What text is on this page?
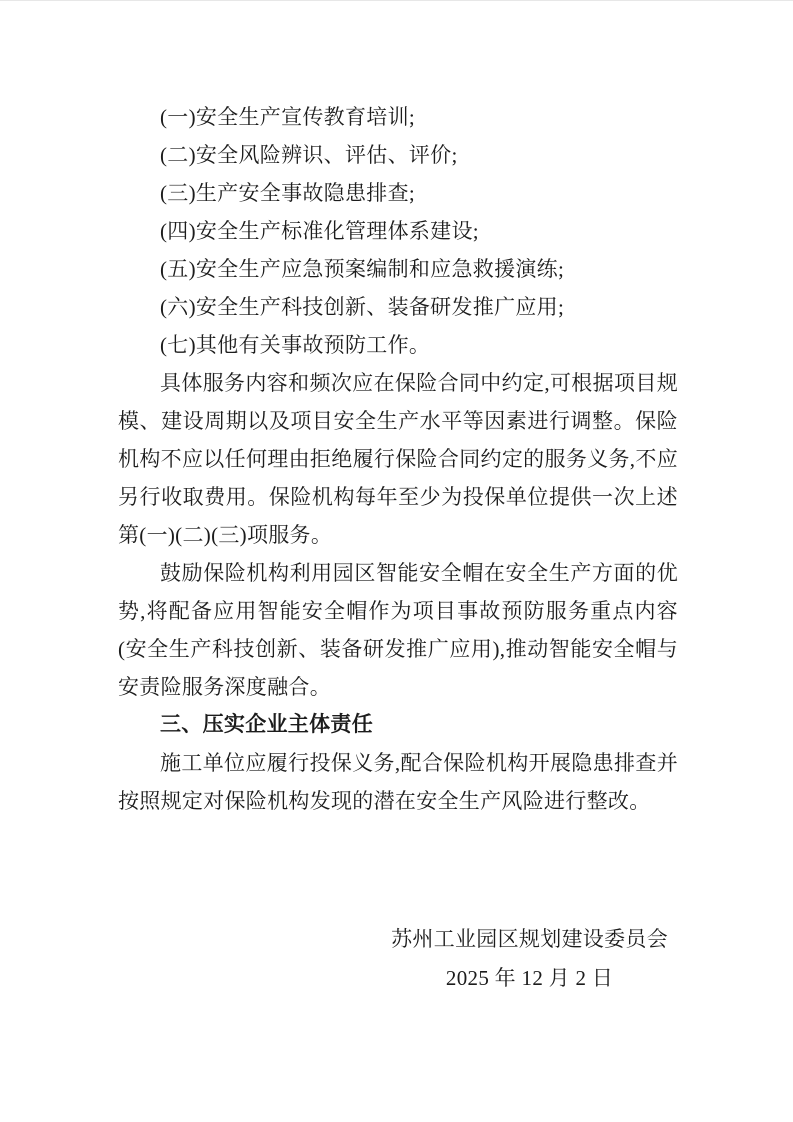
(一)安全生产宣传教育培训;

(二)安全风险辨识、评估、评价;

(三)生产安全事故隐患排查;

(四)安全生产标准化管理体系建设;

(五)安全生产应急预案编制和应急救援演练;

(六)安全生产科技创新、装备研发推广应用;

(七)其他有关事故预防工作。

具体服务内容和频次应在保险合同中约定,可根据项目规模、建设周期以及项目安全生产水平等因素进行调整。保险机构不应以任何理由拒绝履行保险合同约定的服务义务,不应另行收取费用。保险机构每年至少为投保单位提供一次上述第(一)(二)(三)项服务。

鼓励保险机构利用园区智能安全帽在安全生产方面的优势,将配备应用智能安全帽作为项目事故预防服务重点内容(安全生产科技创新、装备研发推广应用),推动智能安全帽与安责险服务深度融合。

三、压实企业主体责任

施工单位应履行投保义务,配合保险机构开展隐患排查并按照规定对保险机构发现的潜在安全生产风险进行整改。

苏州工业园区规划建设委员会

2025 年 12 月 2 日
